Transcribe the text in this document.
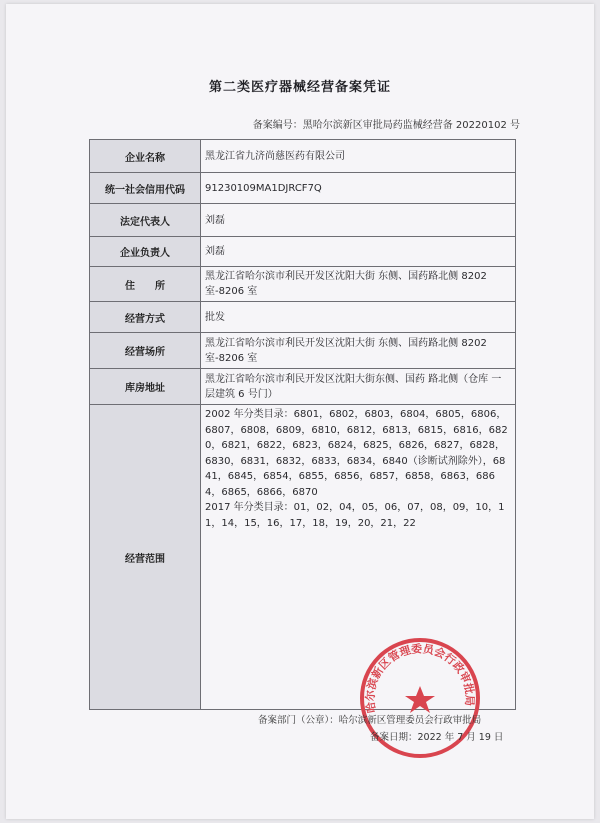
第二类医疗器械经营备案凭证
备案编号：黑哈尔滨新区审批局药监械经营备 20220102 号
企业名称	黑龙江省九济尚慈医药有限公司
统一社会信用代码	91230109MA1DJRCF7Q
法定代表人	刘磊
企业负责人	刘磊
住　　所	黑龙江省哈尔滨市利民开发区沈阳大街 东侧、国药路北侧 8202 室-8206 室
经营方式	批发
经营场所	黑龙江省哈尔滨市利民开发区沈阳大街 东侧、国药路北侧 8202 室-8206 室
库房地址	黑龙江省哈尔滨市利民开发区沈阳大街东侧、国药 路北侧（仓库 一层建筑 6 号门）
经营范围	2002 年分类目录：6801，6802，6803，6804，6805，6806，6807，6808，6809，6810，6812，6813，6815，6816，6820，6821，6822，6823，6824，6825，6826，6827，6828，6830，6831，6832，6833，6834，6840（诊断试剂除外），6841，6845，6854，6855，6856，6857，6858，6863，6864，6865，6866，6870
2017 年分类目录：01，02，04，05，06，07，08，09，10，11，14，15，16，17，18，19，20，21，22
哈尔滨新区管理委员会行政审批局
备案部门（公章）：哈尔滨新区管理委员会行政审批局
备案日期：2022 年 7 月 19 日
